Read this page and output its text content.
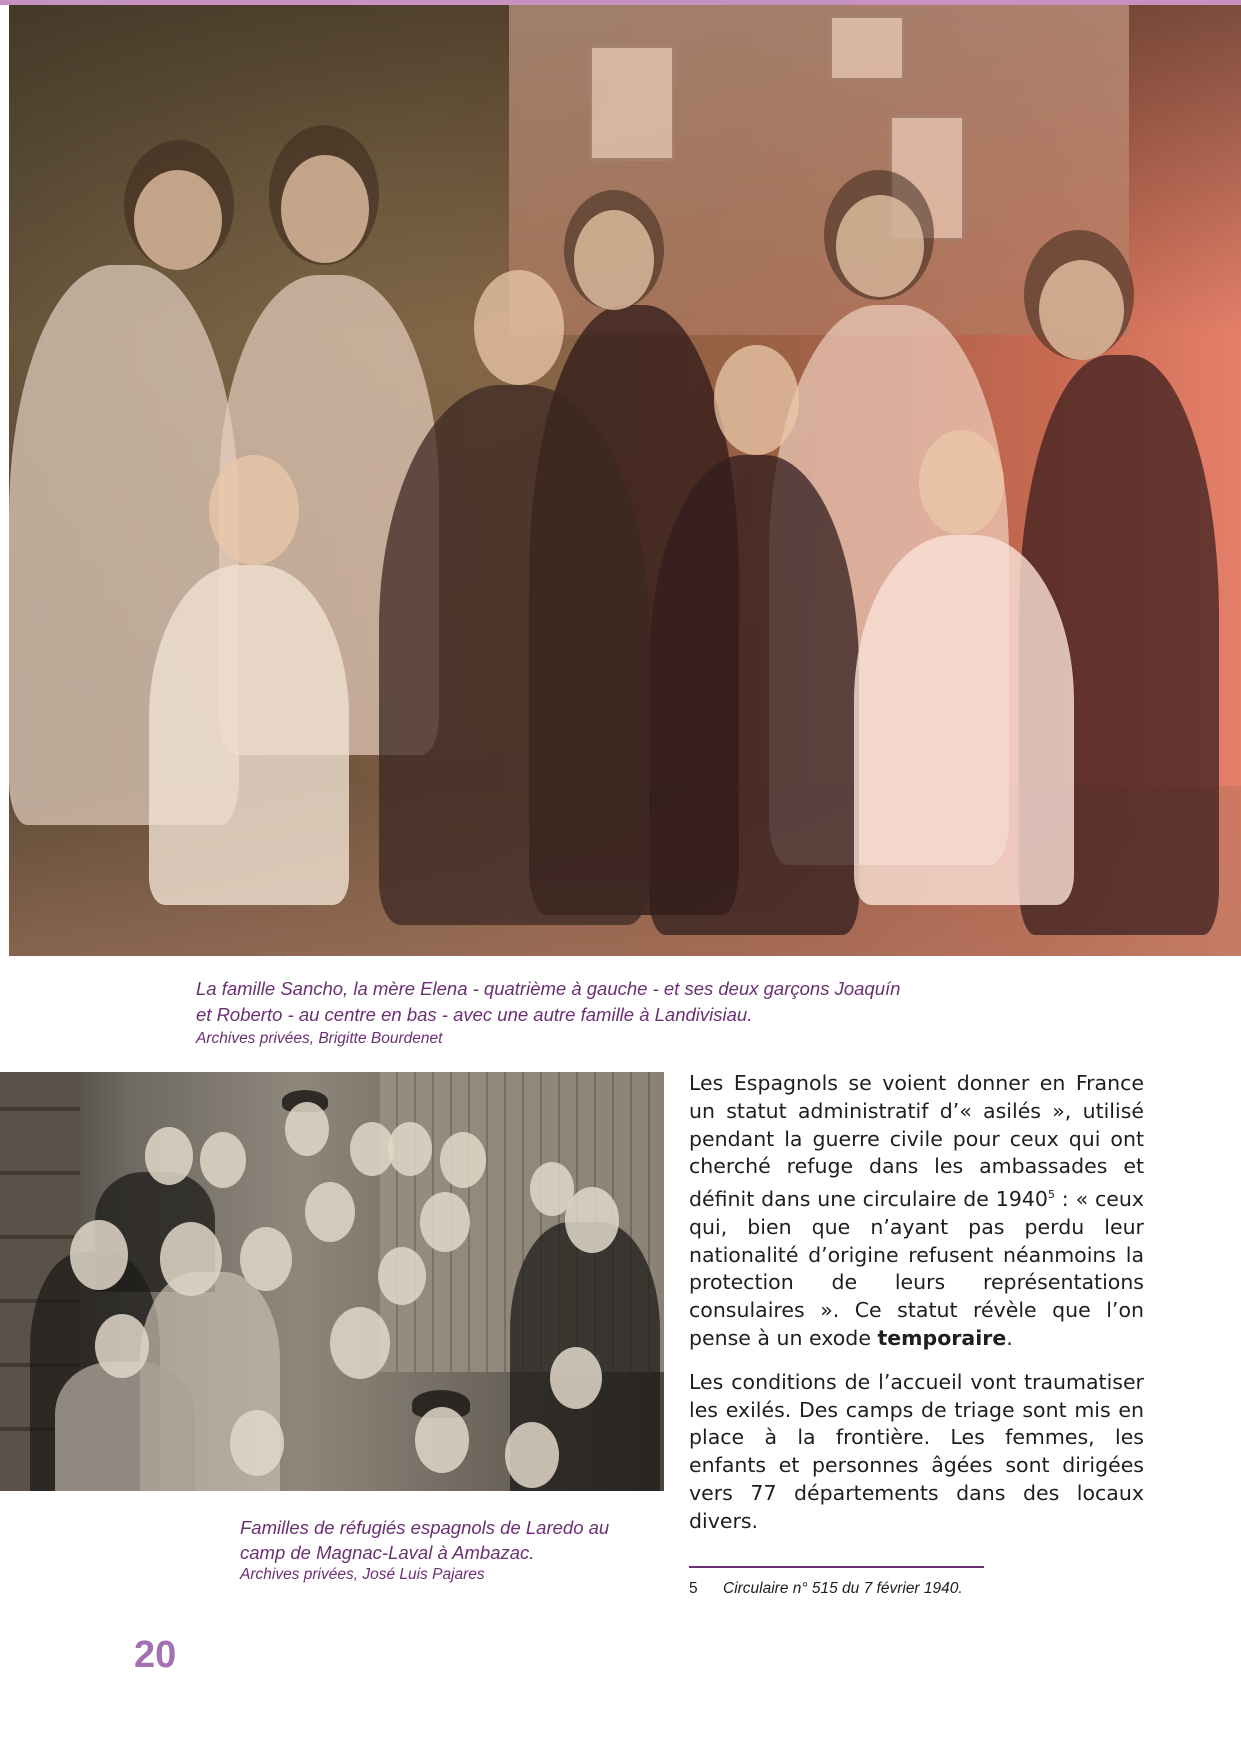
La famille Sancho, la mère Elena - quatrième à gauche - et ses deux garçons Joaquín
et Roberto - au centre en bas - avec une autre famille à Landivisiau.
Archives privées, Brigitte Bourdenet
Familles de réfugiés espagnols de Laredo au
camp de Magnac-Laval à Ambazac.
Archives privées, José Luis Pajares

Les Espagnols se voient donner en France un statut administratif d’« asilés », utilisé pendant la guerre civile pour ceux qui ont cherché refuge dans les ambassades et définit dans une circulaire de 1940$^5$ : « ceux qui, bien que n’ayant pas perdu leur nationalité d’origine refusent néanmoins la protection de leurs représentations consulaires ». Ce statut révèle que l’on pense à un exode temporaire.

Les conditions de l’accueil vont traumatiser les exilés. Des camps de triage sont mis en place à la frontière. Les femmes, les enfants et personnes âgées sont dirigées vers 77 départements dans des locaux divers.

5 Circulaire n° 515 du 7 février 1940.
20
